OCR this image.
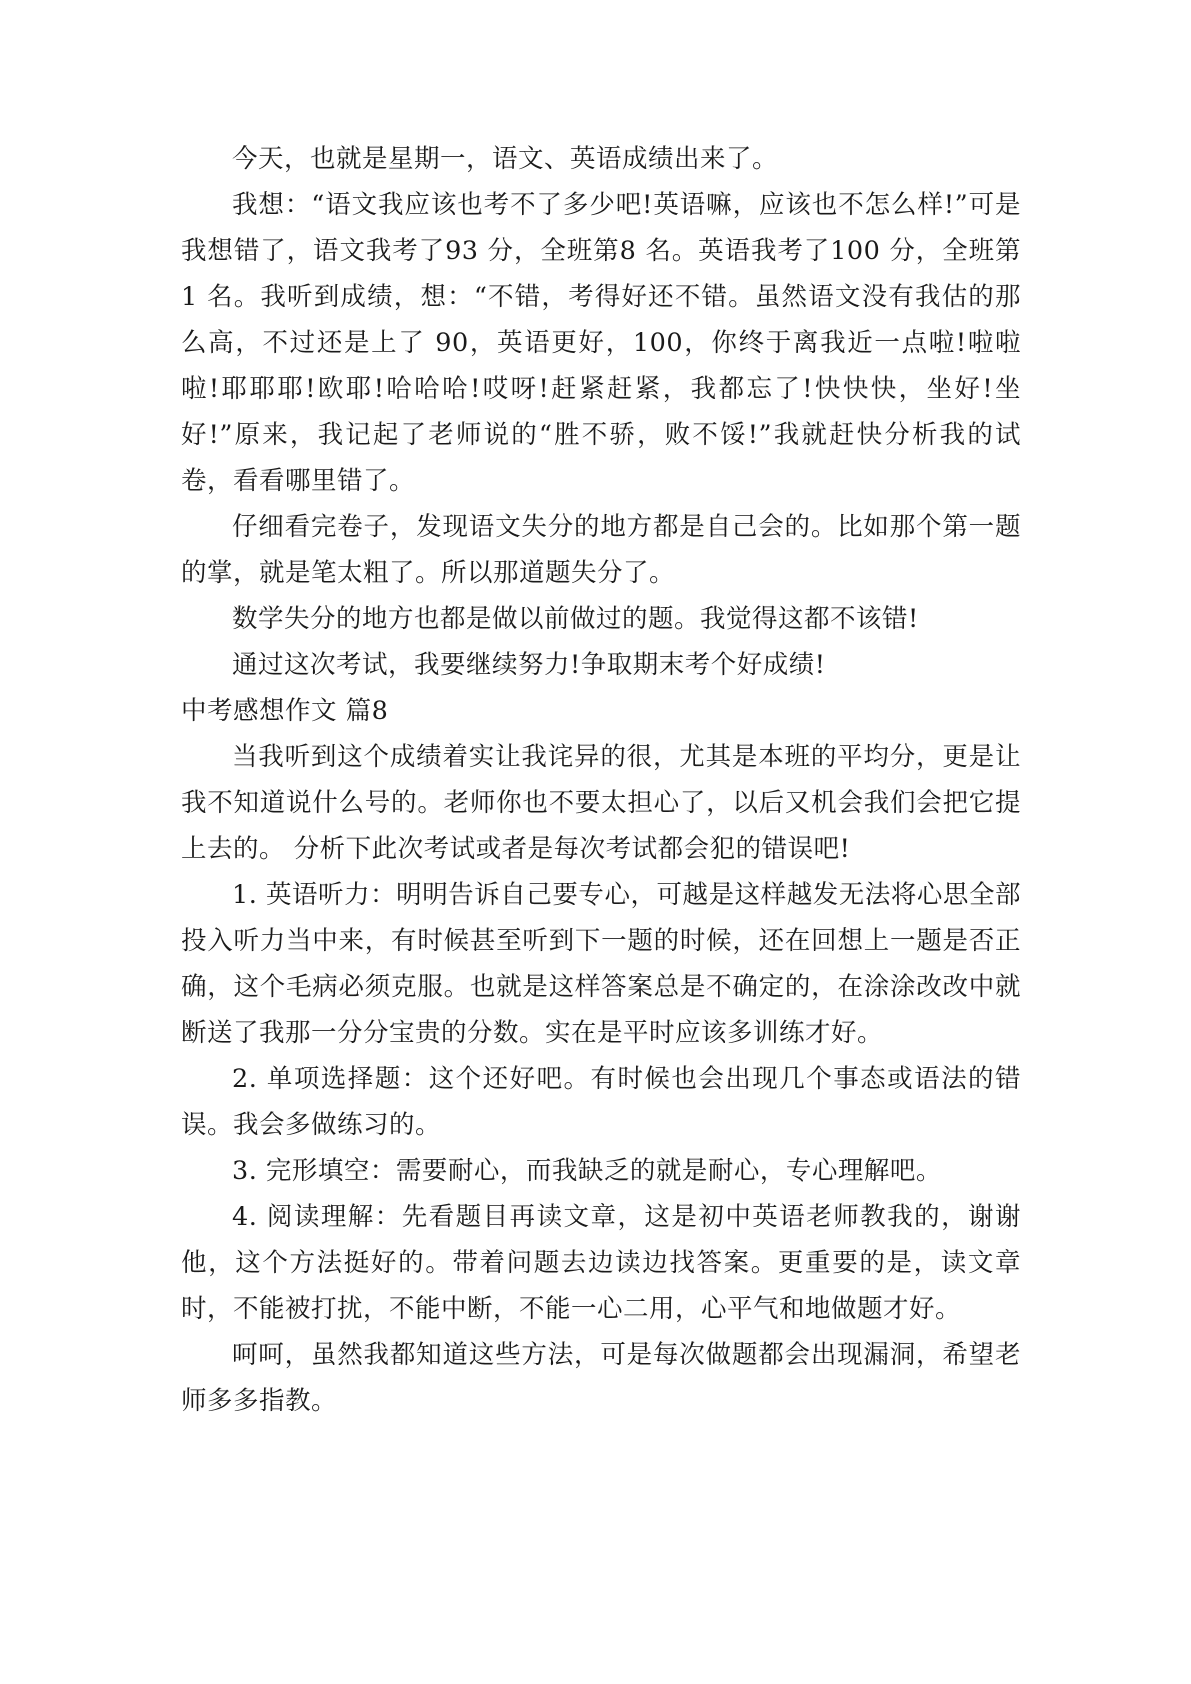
今天，也就是星期一，语文、英语成绩出来了。

我想：“语文我应该也考不了多少吧!英语嘛，应该也不怎么样!”可是我想错了，语文我考了93 分，全班第8 名。英语我考了100 分，全班第 1 名。我听到成绩，想：“不错，考得好还不错。虽然语文没有我估的那么高，不过还是上了 90，英语更好，100，你终于离我近一点啦!啦啦啦!耶耶耶!欧耶!哈哈哈!哎呀!赶紧赶紧，我都忘了!快快快，坐好!坐好!”原来，我记起了老师说的“胜不骄，败不馁!”我就赶快分析我的试卷，看看哪里错了。

仔细看完卷子，发现语文失分的地方都是自己会的。比如那个第一题的掌，就是笔太粗了。所以那道题失分了。

数学失分的地方也都是做以前做过的题。我觉得这都不该错!

通过这次考试，我要继续努力!争取期末考个好成绩!

中考感想作文 篇8

当我听到这个成绩着实让我诧异的很，尤其是本班的平均分，更是让我不知道说什么号的。老师你也不要太担心了，以后又机会我们会把它提上去的。 分析下此次考试或者是每次考试都会犯的错误吧!

1. 英语听力：明明告诉自己要专心，可越是这样越发无法将心思全部投入听力当中来，有时候甚至听到下一题的时候，还在回想上一题是否正确，这个毛病必须克服。也就是这样答案总是不确定的，在涂涂改改中就断送了我那一分分宝贵的分数。实在是平时应该多训练才好。

2. 单项选择题：这个还好吧。有时候也会出现几个事态或语法的错误。我会多做练习的。

3. 完形填空：需要耐心，而我缺乏的就是耐心，专心理解吧。

4. 阅读理解：先看题目再读文章，这是初中英语老师教我的，谢谢他，这个方法挺好的。带着问题去边读边找答案。更重要的是，读文章时，不能被打扰，不能中断，不能一心二用，心平气和地做题才好。

呵呵，虽然我都知道这些方法，可是每次做题都会出现漏洞，希望老师多多指教。
